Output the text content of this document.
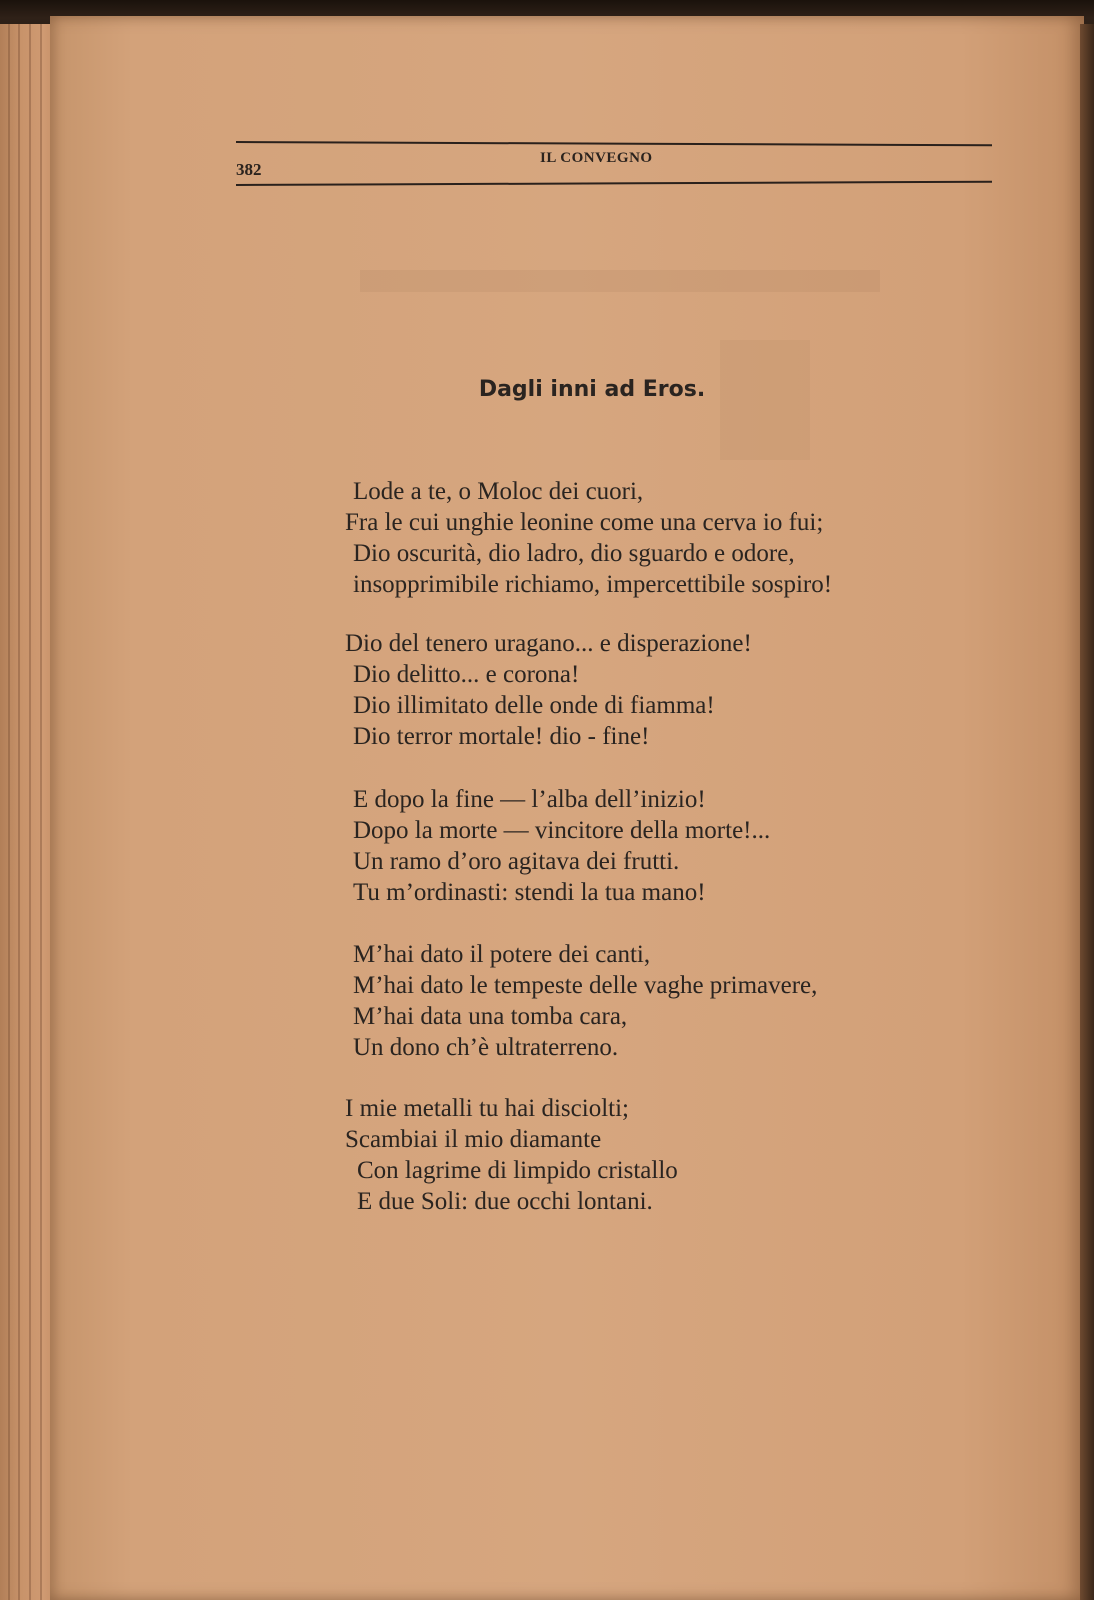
382
IL CONVEGNO
Dagli inni ad Eros.
Lode a te, o Moloc dei cuori,
Fra le cui unghie leonine come una cerva io fui;
Dio oscurità, dio ladro, dio sguardo e odore,
insopprimibile richiamo, impercettibile sospiro!
Dio del tenero uragano... e disperazione!
Dio delitto... e corona!
Dio illimitato delle onde di fiamma!
Dio terror mortale! dio - fine!
E dopo la fine — l’alba dell’inizio!
Dopo la morte — vincitore della morte!...
Un ramo d’oro agitava dei frutti.
Tu m’ordinasti: stendi la tua mano!
M’hai dato il potere dei canti,
M’hai dato le tempeste delle vaghe primavere,
M’hai data una tomba cara,
Un dono ch’è ultraterreno.
I mie metalli tu hai disciolti;
Scambiai il mio diamante
Con lagrime di limpido cristallo
E due Soli: due occhi lontani.
